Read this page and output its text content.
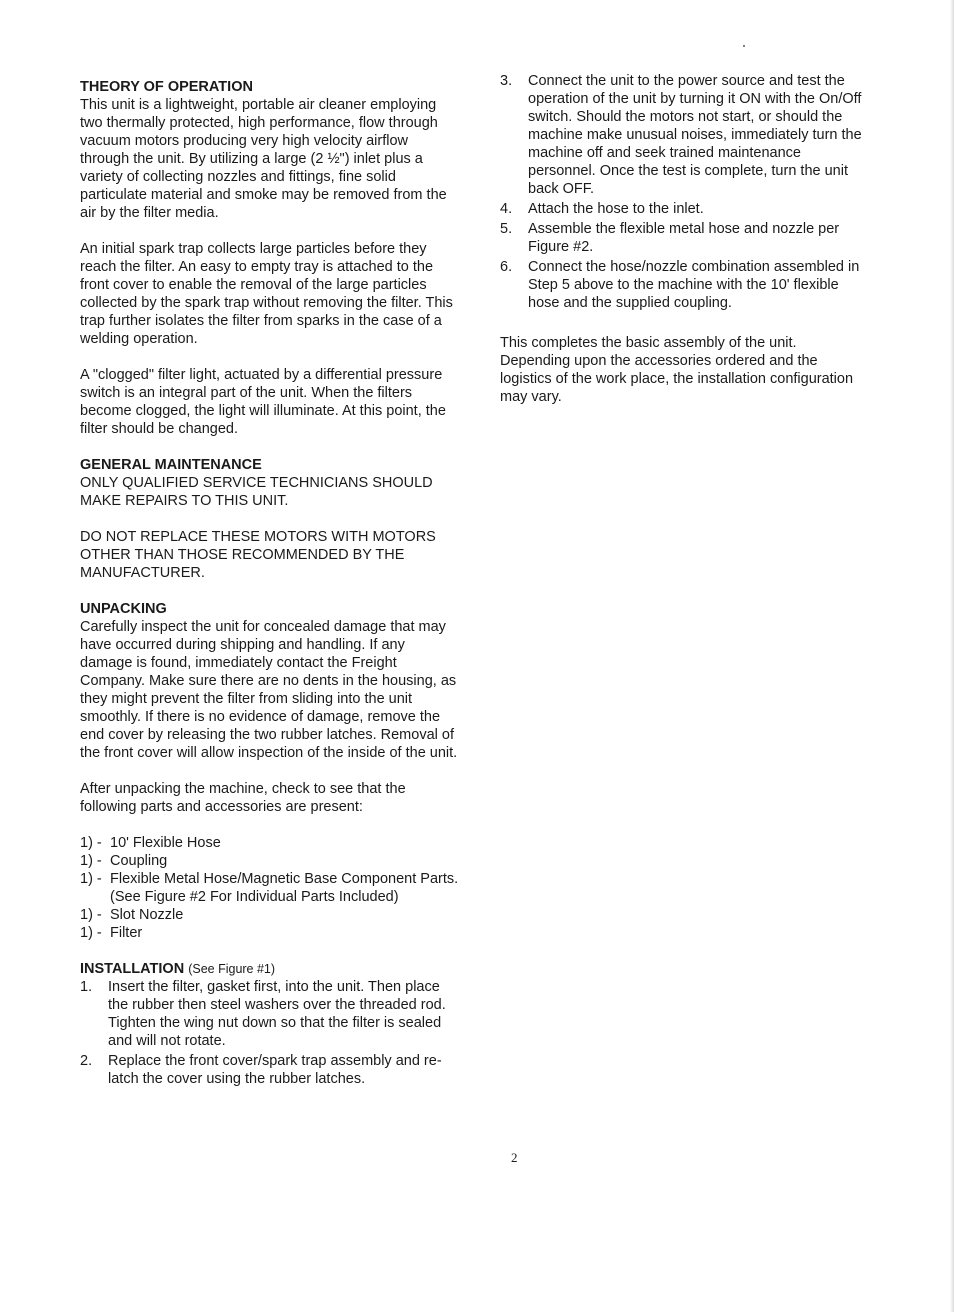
THEORY OF OPERATION

This unit is a lightweight, portable air cleaner employing two thermally protected, high performance, flow through vacuum motors producing very high velocity airflow through the unit. By utilizing a large (2 ½") inlet plus a variety of collecting nozzles and fittings, fine solid particulate material and smoke may be removed from the air by the filter media.

An initial spark trap collects large particles before they reach the filter. An easy to empty tray is attached to the front cover to enable the removal of the large particles collected by the spark trap without removing the filter. This trap further isolates the filter from sparks in the case of a welding operation.

A "clogged" filter light, actuated by a differential pressure switch is an integral part of the unit. When the filters become clogged, the light will illuminate. At this point, the filter should be changed.

GENERAL MAINTENANCE

ONLY QUALIFIED SERVICE TECHNICIANS SHOULD MAKE REPAIRS TO THIS UNIT.

DO NOT REPLACE THESE MOTORS WITH MOTORS OTHER THAN THOSE RECOMMENDED BY THE MANUFACTURER.

UNPACKING

Carefully inspect the unit for concealed damage that may have occurred during shipping and handling. If any damage is found, immediately contact the Freight Company. Make sure there are no dents in the housing, as they might prevent the filter from sliding into the unit smoothly. If there is no evidence of damage, remove the end cover by releasing the two rubber latches. Removal of the front cover will allow inspection of the inside of the unit.

After unpacking the machine, check to see that the following parts and accessories are present:

1) - 10' Flexible Hose
1) - Coupling
1) - Flexible Metal Hose/Magnetic Base Component Parts. (See Figure #2 For Individual Parts Included)
1) - Slot Nozzle
1) - Filter

INSTALLATION (See Figure #1)

1.	Insert the filter, gasket first, into the unit. Then place the rubber then steel washers over the threaded rod. Tighten the wing nut down so that the filter is sealed and will not rotate.
2.	Replace the front cover/spark trap assembly and re-latch the cover using the rubber latches.
3.	Connect the unit to the power source and test the operation of the unit by turning it ON with the On/Off switch. Should the motors not start, or should the machine make unusual noises, immediately turn the machine off and seek trained maintenance personnel. Once the test is complete, turn the unit back OFF.
4.	Attach the hose to the inlet.
5.	Assemble the flexible metal hose and nozzle per Figure #2.
6.	Connect the hose/nozzle combination assembled in Step 5 above to the machine with the 10' flexible hose and the supplied coupling.

This completes the basic assembly of the unit. Depending upon the accessories ordered and the logistics of the work place, the installation configuration may vary.

2
